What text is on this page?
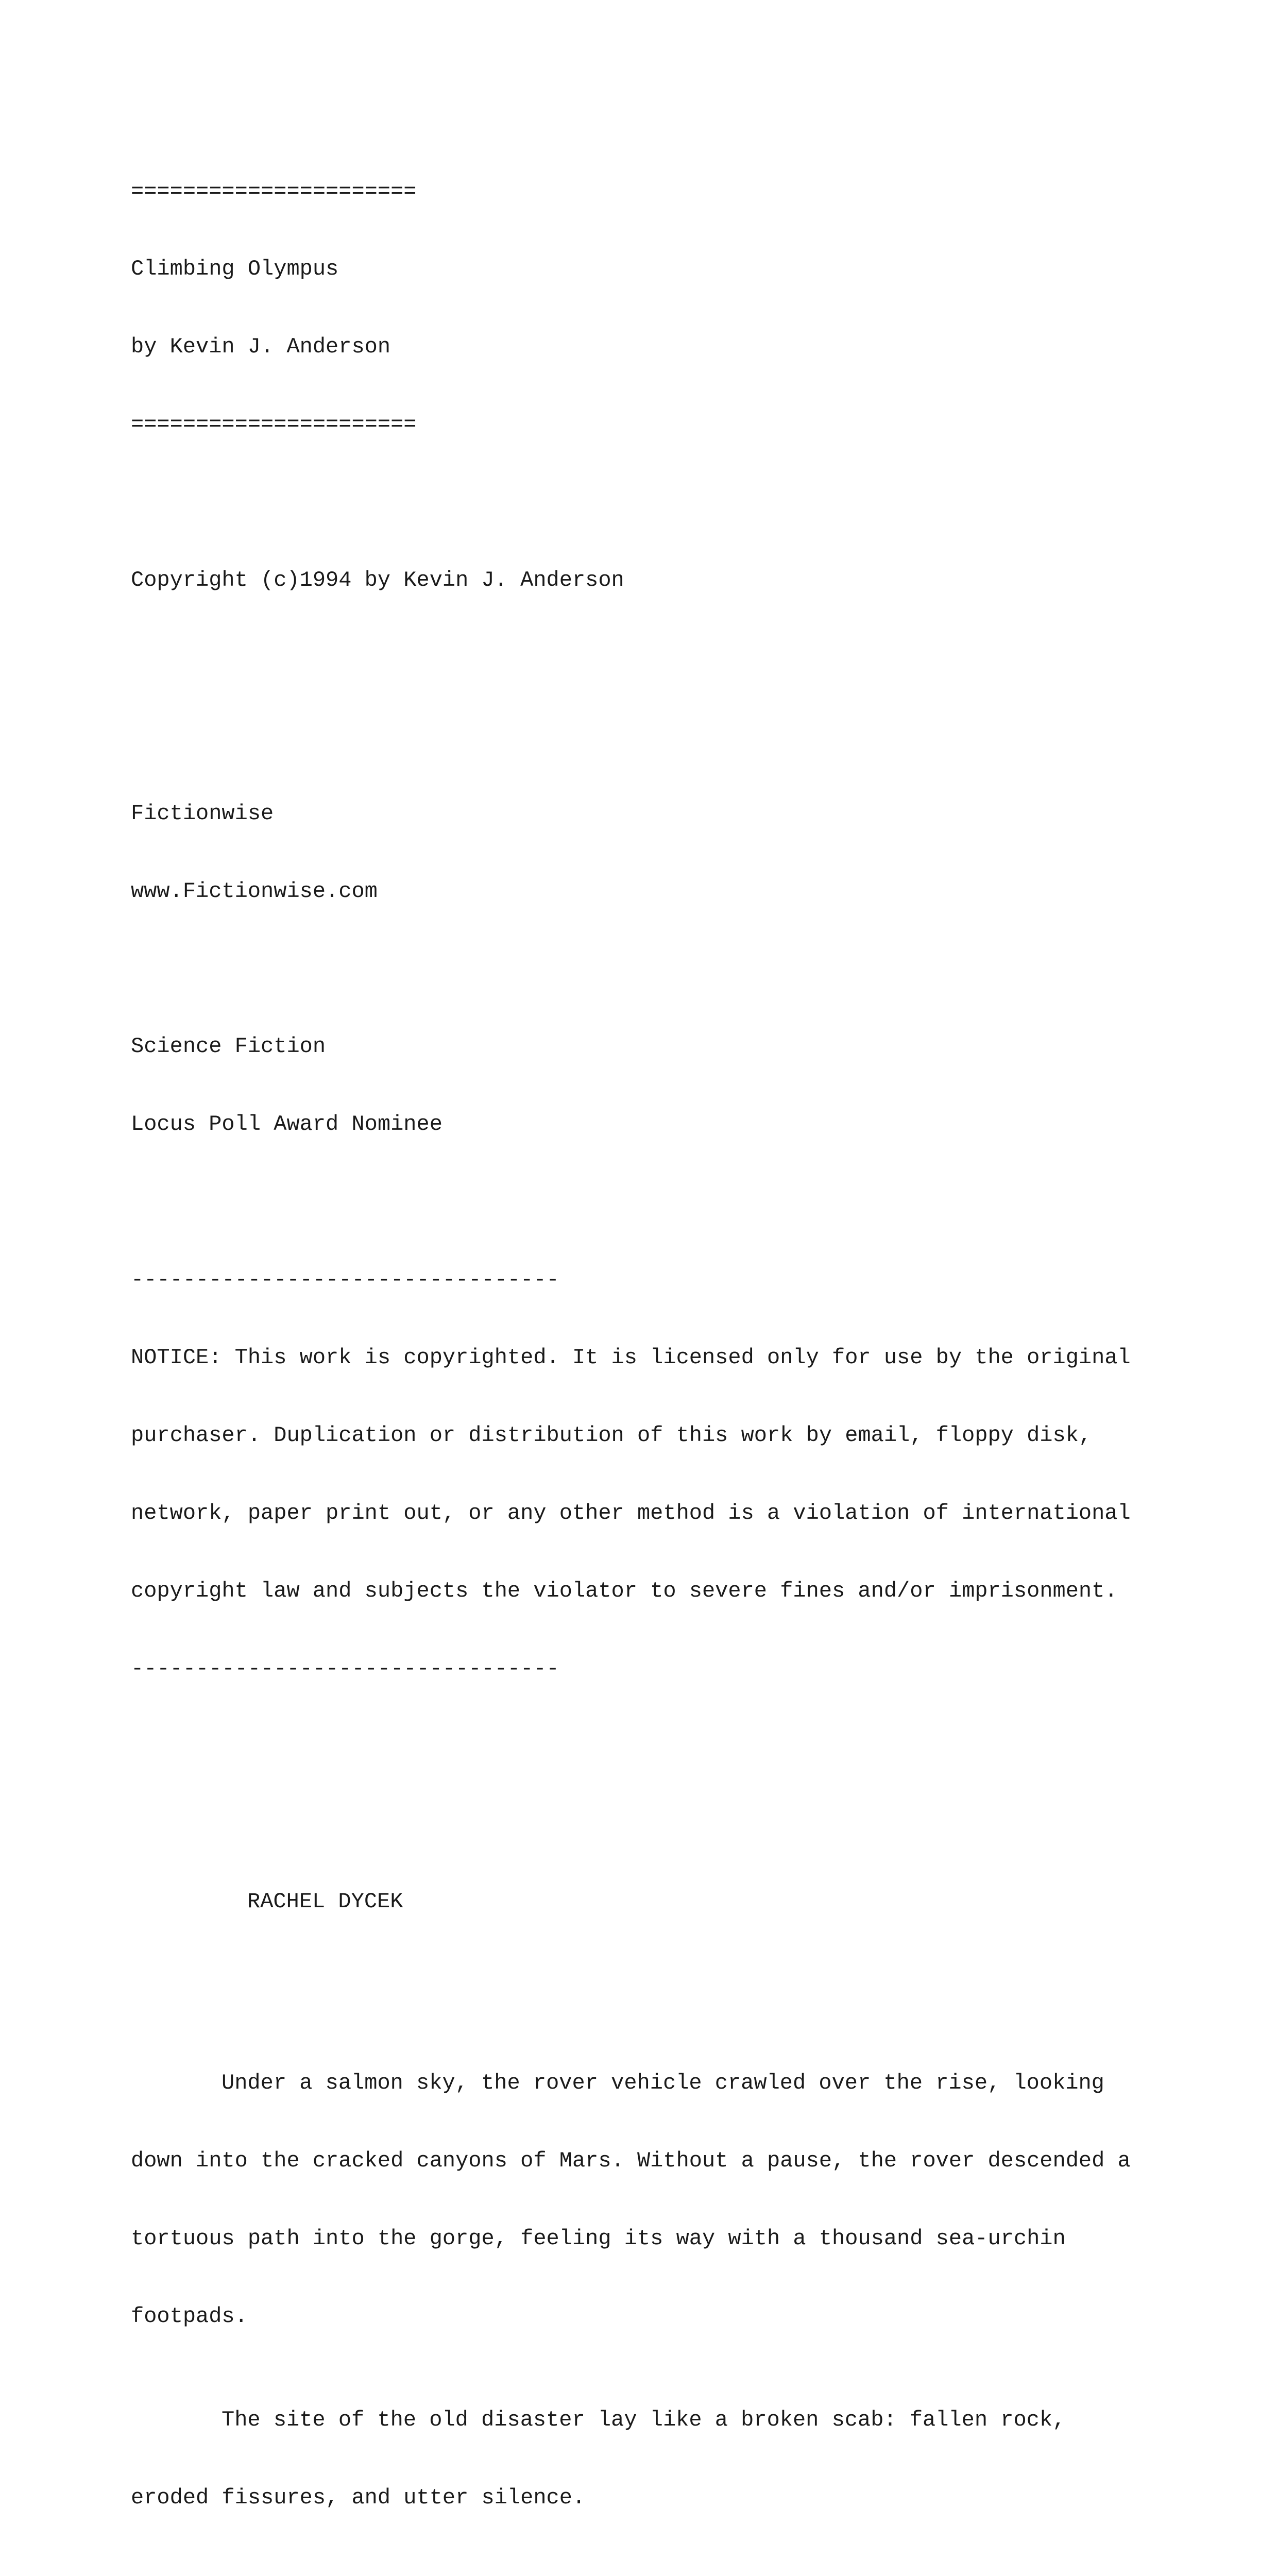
======================

Climbing Olympus

by Kevin J. Anderson

======================

Copyright (c)1994 by Kevin J. Anderson

Fictionwise

www.Fictionwise.com

Science Fiction

Locus Poll Award Nominee

---------------------------------

NOTICE: This work is copyrighted. It is licensed only for use by the original

purchaser. Duplication or distribution of this work by email, floppy disk,

network, paper print out, or any other method is a violation of international

copyright law and subjects the violator to severe fines and/or imprisonment.

---------------------------------

RACHEL DYCEK

Under a salmon sky, the rover vehicle crawled over the rise, looking

down into the cracked canyons of Mars. Without a pause, the rover descended a

tortuous path into the gorge, feeling its way with a thousand sea-urchin

footpads.

The site of the old disaster lay like a broken scab: fallen rock,

eroded fissures, and utter silence.
